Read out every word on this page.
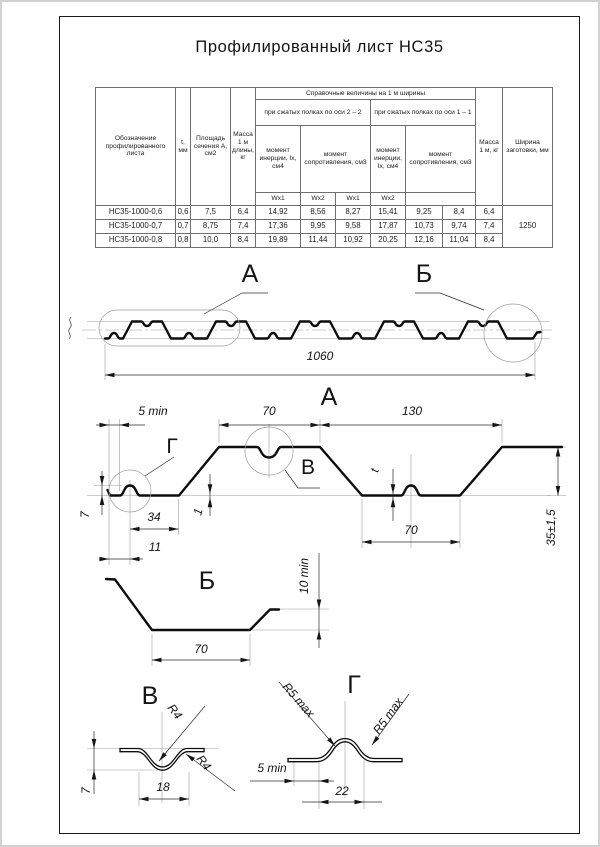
Профилированный лист НС35
Обозначение профилированного листа	t, мм	Площадь сечения А, см2	Масса 1 м длины, кг	Справочные величины на 1 м ширины						Масса 1 м, кг	Ширина заготовки, мм
				при сжатых полках по оси 2 – 2			при сжатых полках по оси 1 – 1				
				момент инерции, Ix, см4	момент сопротивления, см3		момент инерции, Ix, см4	момент сопротивления, см3			
				Wx1	Wx2	Wx1	Wx2				
НС35-1000-0,6	0,6	7,5	6,4	14,92	8,56	8,27	15,41	9,25	8,4	6,4	1250
НС35-1000-0,7	0,7	8,75	7,4	17,36	9,95	9,58	17,87	10,73	9,74	7,4	
НС35-1000-0,8	0,8	10,0	8,4	19,89	11,44	10,92	20,25	12,16	11,04	8,4	
А	Б
1060
А
5 min	70	130
Г
В
7	34
11
1
t
70	35±1,5
Б
70
10 min
В
R4
R4
18
7
Г
R5 max	R5 max
5 min
22
